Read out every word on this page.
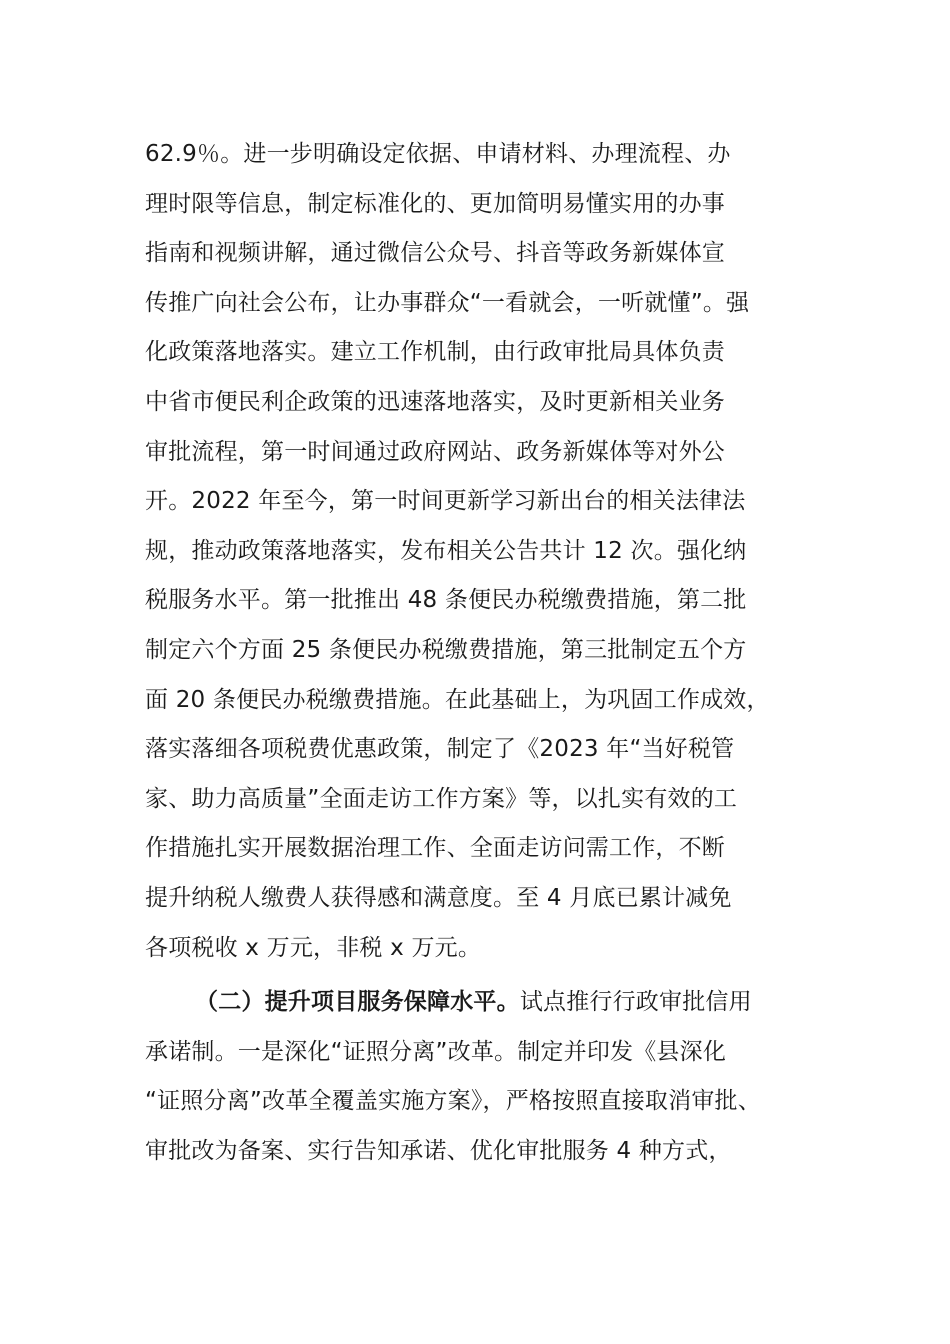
62.9％。进一步明确设定依据、申请材料、办理流程、办
理时限等信息，制定标准化的、更加简明易懂实用的办事
指南和视频讲解，通过微信公众号、抖音等政务新媒体宣
传推广向社会公布，让办事群众“一看就会，一听就懂”。强
化政策落地落实。建立工作机制，由行政审批局具体负责
中省市便民利企政策的迅速落地落实，及时更新相关业务
审批流程，第一时间通过政府网站、政务新媒体等对外公
开。2022 年至今，第一时间更新学习新出台的相关法律法
规，推动政策落地落实，发布相关公告共计 12 次。强化纳
税服务水平。第一批推出 48 条便民办税缴费措施，第二批
制定六个方面 25 条便民办税缴费措施，第三批制定五个方
面 20 条便民办税缴费措施。在此基础上，为巩固工作成效，
落实落细各项税费优惠政策，制定了《2023 年“当好税管
家、助力高质量”全面走访工作方案》等，以扎实有效的工
作措施扎实开展数据治理工作、全面走访问需工作，不断
提升纳税人缴费人获得感和满意度。至 4 月底已累计减免
各项税收 x 万元，非税 x 万元。
（二）提升项目服务保障水平。试点推行行政审批信用
承诺制。一是深化“证照分离”改革。制定并印发《县深化
“证照分离”改革全覆盖实施方案》，严格按照直接取消审批、
审批改为备案、实行告知承诺、优化审批服务 4 种方式，
